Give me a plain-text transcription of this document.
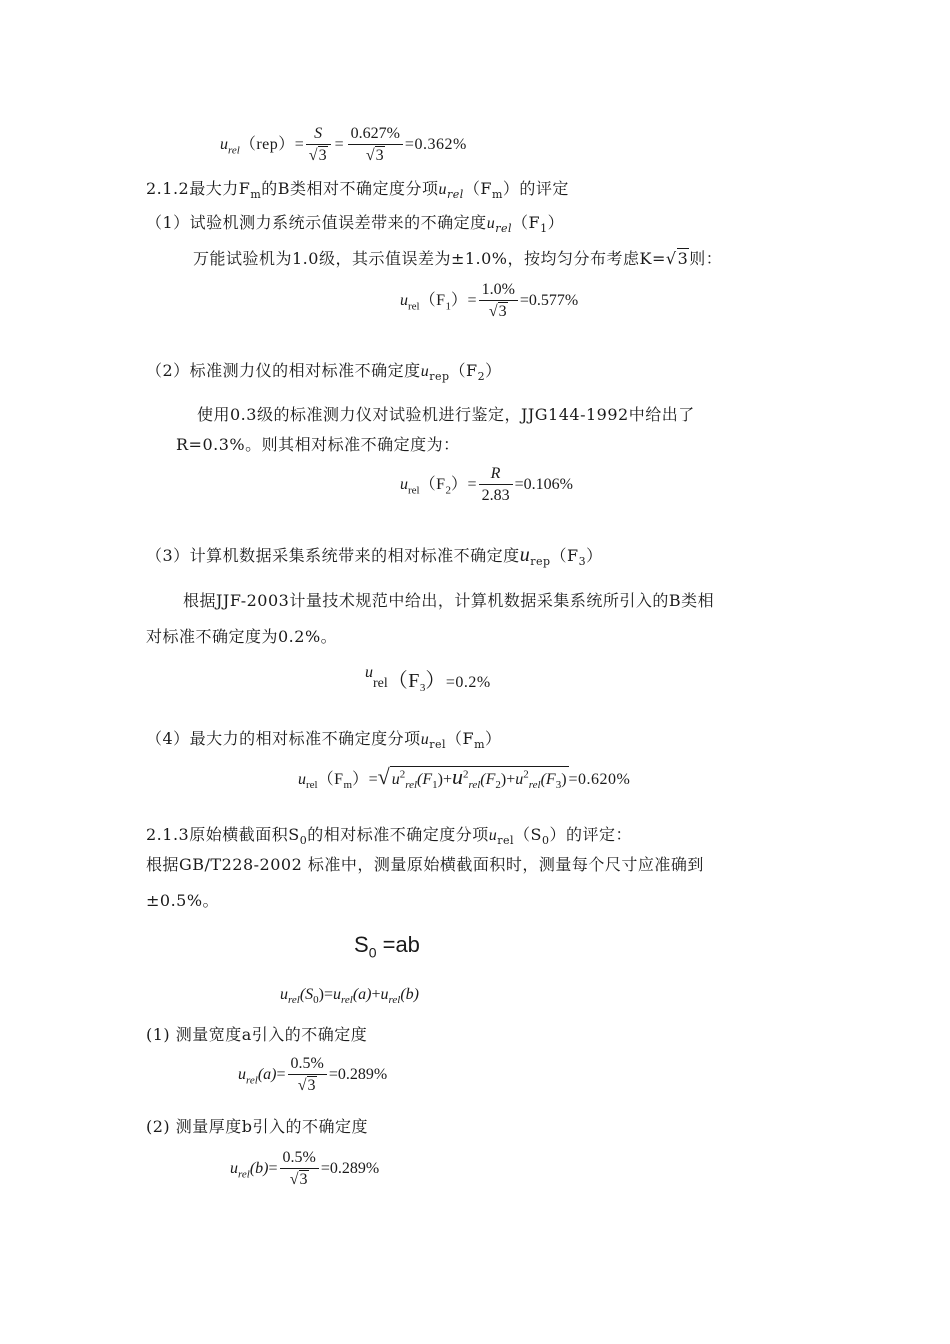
$u_{rel}(rep)= \frac{S}{√3} = \frac{0.627\%}{√3} =0.362\%$
2.1.2最大力$F_m$的B类相对不确定度分项$u_{rel}(F_m)$的评定
（1）试验机测力系统示值误差带来的不确定度$u_{rel}(F_1)$
万能试验机为1.0级，其示值误差为±1.0%，按均匀分布考虑K=√3则：
$u_{rel}(F_1)= \frac{1.0\%}{√3} =0.577\%$
（2）标准测力仪的相对标准不确定度$u_{rep}(F_2)$
使用0.3级的标准测力仪对试验机进行鉴定，JJG144-1992中给出了
R=0.3%。则其相对标准不确定度为：
$u_{rel}(F_2)= \frac{R}{2.83} =0.106\%$
（3）计算机数据采集系统带来的相对标准不确定度$u_{rep}(F_3)$
根据JJF-2003计量技术规范中给出，计算机数据采集系统所引入的B类相
对标准不确定度为0.2%。
$urel(F_3)=0.2\%$
（4）最大力的相对标准不确定度分项$u_{rel}(F_m)$
$u_{rel}(F_m)=√$ $u^2_{rel}(F_1)+u^2_{rel}(F_2)+u^2_{rel}(F_3) =0.620\%$
2.1.3原始横截面积$S_0$的相对标准不确定度分项$u_{rel}(S_0)$的评定：
根据GB/T228-2002 标准中，测量原始横截面积时，测量每个尺寸应准确到
±0.5%。
$S_0 =ab$
$u_{rel}(S_0)=u_{rel}(a)+u_{rel}(b)$
(1) 测量宽度a引入的不确定度
$u_{rel}(a)= \frac{0.5\%}{√3} =0.289\%$
(2) 测量厚度b引入的不确定度
$u_{rel}(b)= \frac{0.5\%}{√3} =0.289\%$
